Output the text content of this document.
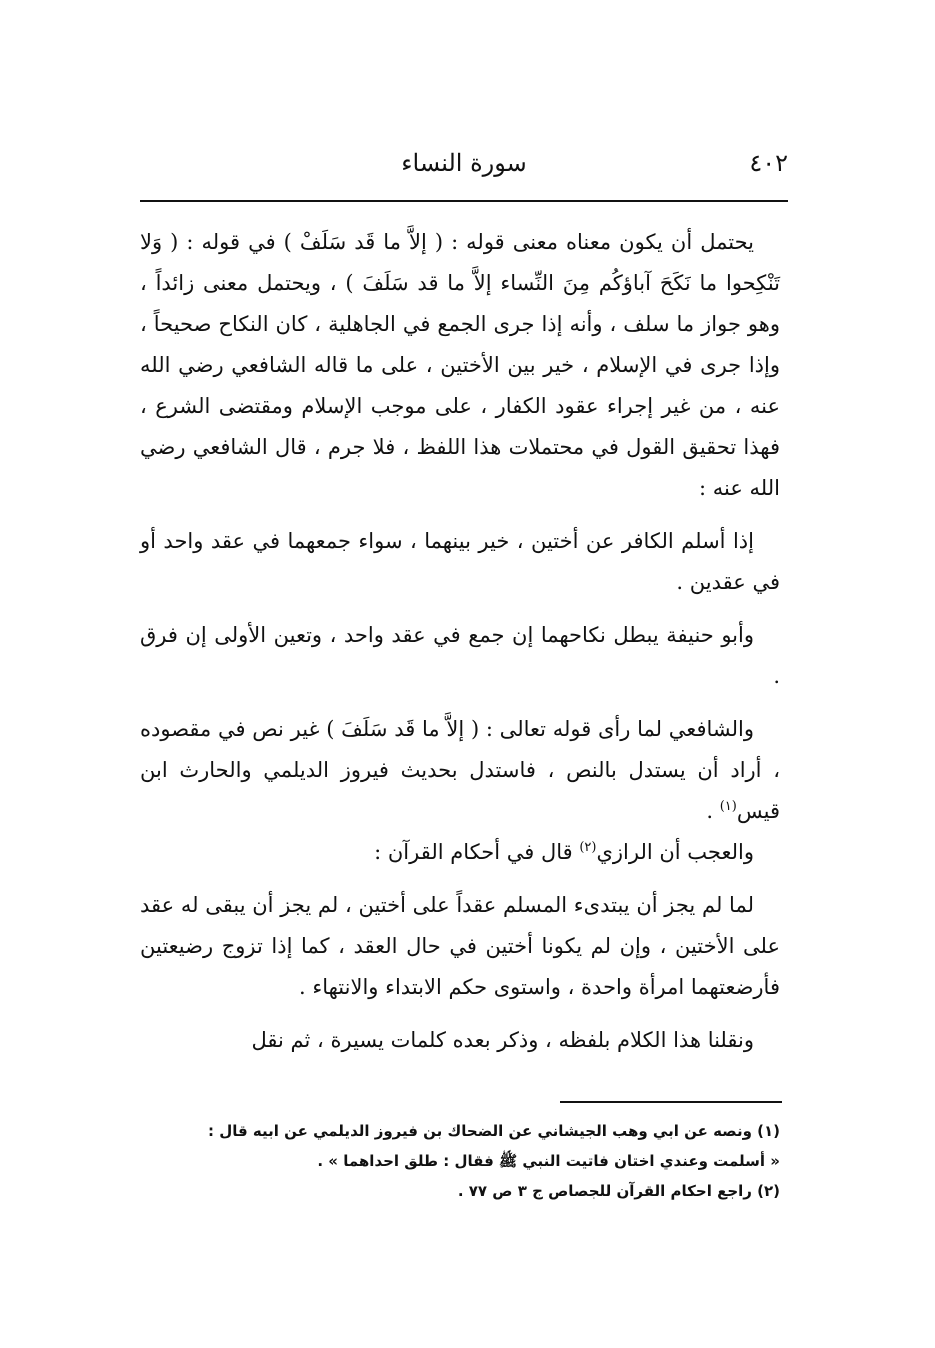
٤٠٢
سورة النساء

يحتمل أن يكون معناه معنى قوله : ( إلاَّ ما قَد سَلَفْ ) في قوله : ( وَلا تَنْكِحوا ما نَكَحَ آباؤكُم مِنَ النِّساء إلاَّ ما قد سَلَفَ ) ، ويحتمل معنى زائداً ، وهو جواز ما سلف ، وأنه إذا جرى الجمع في الجاهلية ، كان النكاح صحيحاً ، وإذا جرى في الإسلام ، خير بين الأختين ، على ما قاله الشافعي رضي الله عنه ، من غير إجراء عقود الكفار ، على موجب الإسلام ومقتضى الشرع ، فهذا تحقيق القول في محتملات هذا اللفظ ، فلا جرم ، قال الشافعي رضي الله عنه :

إذا أسلم الكافر عن أختين ، خير بينهما ، سواء جمعهما في عقد واحد أو في عقدين .

وأبو حنيفة يبطل نكاحهما إن جمع في عقد واحد ، وتعين الأولى إن فرق .

والشافعي لما رأى قوله تعالى : ( إلاَّ ما قَد سَلَفَ ) غير نص في مقصوده ، أراد أن يستدل بالنص ، فاستدل بحديث فيروز الديلمي والحارث ابن قيس$^{(١)}$ .

والعجب أن الرازي$^{(٢)}$ قال في أحكام القرآن :

لما لم يجز أن يبتدىء المسلم عقداً على أختين ، لم يجز أن يبقى له عقد على الأختين ، وإن لم يكونا أختين في حال العقد ، كما إذا تزوج رضيعتين فأرضعتهما امرأة واحدة ، واستوى حكم الابتداء والانتهاء .

ونقلنا هذا الكلام بلفظه ، وذكر بعده كلمات يسيرة ، ثم نقل

(١) ونصه عن ابي وهب الجيشاني عن الضحاك بن فيروز الديلمي عن ابيه قال :

« أسلمت وعندي اختان فاتيت النبي ﷺ فقال : طلق احداهما » .

(٢) راجع احكام القرآن للجصاص ج ٣ ص ٧٧ .
